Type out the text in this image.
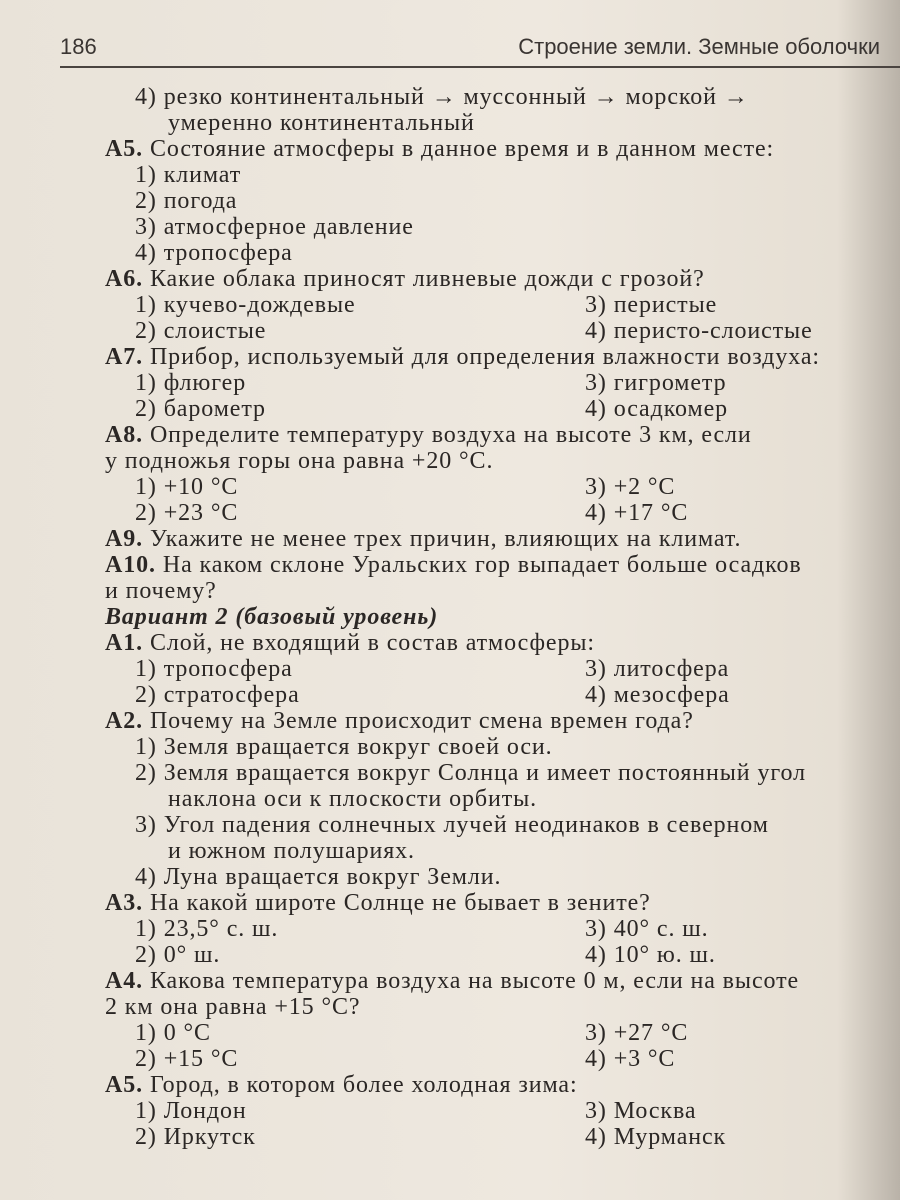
186	Строение земли. Земные оболочки
4) резко континентальный → муссонный → морской →
умеренно континентальный
А5. Состояние атмосферы в данное время и в данном месте:
1) климат
2) погода
3) атмосферное давление
4) тропосфера
А6. Какие облака приносят ливневые дожди с грозой?
1) кучево-дождевые	3) перистые
2) слоистые	4) перисто-слоистые
А7. Прибор, используемый для определения влажности воздуха:
1) флюгер	3) гигрометр
2) барометр	4) осадкомер
А8. Определите температуру воздуха на высоте 3 км, если
у подножья горы она равна +20 °С.
1) +10 °С	3) +2 °С
2) +23 °С	4) +17 °С
А9. Укажите не менее трех причин, влияющих на климат.
А10. На каком склоне Уральских гор выпадает больше осадков
и почему?
Вариант 2 (базовый уровень)
А1. Слой, не входящий в состав атмосферы:
1) тропосфера	3) литосфера
2) стратосфера	4) мезосфера
А2. Почему на Земле происходит смена времен года?
1) Земля вращается вокруг своей оси.
2) Земля вращается вокруг Солнца и имеет постоянный угол
наклона оси к плоскости орбиты.
3) Угол падения солнечных лучей неодинаков в северном
и южном полушариях.
4) Луна вращается вокруг Земли.
А3. На какой широте Солнце не бывает в зените?
1) 23,5° с. ш.	3) 40° с. ш.
2) 0° ш.	4) 10° ю. ш.
А4. Какова температура воздуха на высоте 0 м, если на высоте
2 км она равна +15 °С?
1) 0 °С	3) +27 °С
2) +15 °С	4) +3 °С
А5. Город, в котором более холодная зима:
1) Лондон	3) Москва
2) Иркутск	4) Мурманск
